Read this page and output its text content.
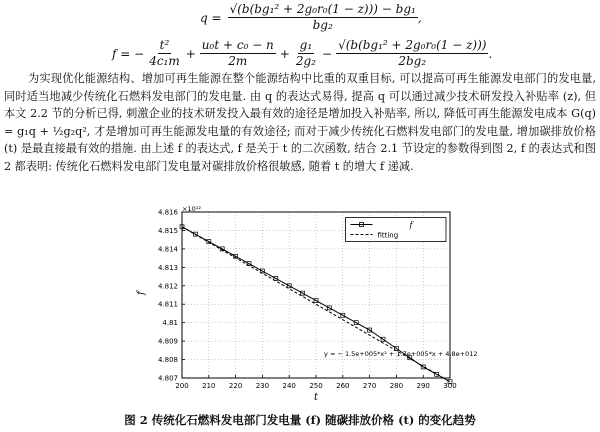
$q = \frac{\text{√(b(bg₁² + 2g₀r₀(1 − z))) − bg₁}}{\text{bg₂}}$ ,
f = − $\frac{\text{t²}}{\text{4c₁m}} + \frac{\text{u₀t + c₀ − n}}{2m} + \frac{\text{g₁}}{\text{2g₂}} - \frac{\text{√(b(bg₁² + 2g₀r₀(1 − z)))}}{\text{2bg₂}}$ .

为实现优化能源结构、增加可再生能源在整个能源结构中比重的双重目标, 可以提高可再生能源发电部门的发电量, 同时适当地减少传统化石燃料发电部门的发电量. 由 q 的表达式易得, 提高 q 可以通过减少技术研发投入补贴率 (z), 但本文 2.2 节的分析已得, 刺激企业的技术研发投入最有效的途径是增加投入补贴率, 所以, 降低可再生能源发电成本 G(q) = g₁q + ½g₂q², 才是增加可再生能源发电量的有效途径; 而对于减少传统化石燃料发电部门的发电量, 增加碳排放价格 (t) 是最直接最有效的措施. 由上述 f 的表达式, f 是关于 t 的二次函数, 结合 2.1 节设定的参数得到图 2, f 的表达式和图 2 都表明: 传统化石燃料发电部门发电量对碳排放价格很敏感, 随着 t 的增大 f 递减.

200 210 220 230 240 250 260 270 280 290 300
4.816
4.815
4.814
4.813
4.812
4.811
4.81
4.809
4.808
4.807
×10¹²
f
t
y = − 1.5e+005*x² + 1.7e+005*x + 4.8e+012
f
fitting
图 2 传统化石燃料发电部门发电量 (f) 随碳排放价格 (t) 的变化趋势
